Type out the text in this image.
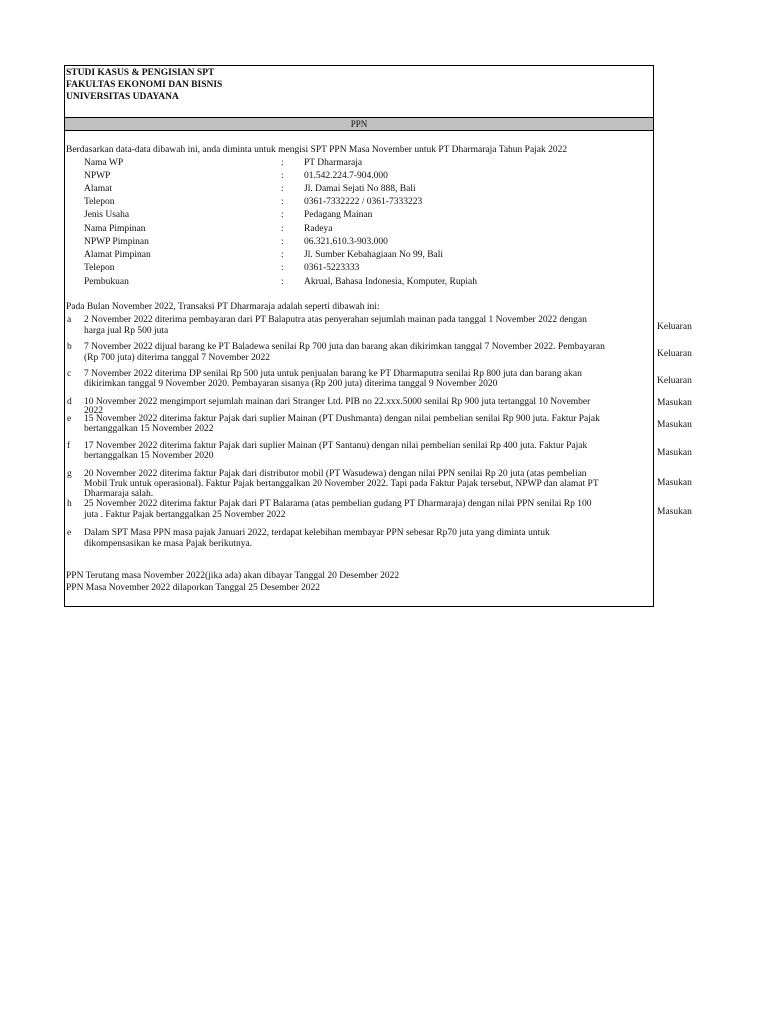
STUDI KASUS & PENGISIAN SPT
FAKULTAS EKONOMI DAN BISNIS
UNIVERSITAS UDAYANA
PPN
Berdasarkan data-data dibawah ini, anda diminta untuk mengisi SPT PPN Masa November untuk PT Dharmaraja Tahun Pajak 2022
Nama WP	: PT Dharmaraja
NPWP	: 01.542.224.7-904.000
Alamat	: Jl. Damai Sejati No 888, Bali
Telepon	: 0361-7332222 / 0361-7333223
Jenis Usaha	: Pedagang Mainan
Nama Pimpinan	: Radeya
NPWP Pimpinan	: 06.321.610.3-903.000
Alamat Pimpinan	: Jl. Sumber Kebahagiaan No 99, Bali
Telepon	: 0361-5223333
Pembukuan	: Akrual, Bahasa Indonesia, Komputer, Rupiah
Pada Bulan November 2022, Transaksi PT Dharmaraja adalah seperti dibawah ini:
a 2 November 2022 diterima pembayaran dari PT Balaputra atas penyerahan sejumlah mainan pada tanggal 1 November 2022 dengan
harga jual Rp 500 juta	Keluaran
b 7 November 2022 dijual barang ke PT Baladewa senilai Rp 700 juta dan barang akan dikirimkan tanggal 7 November 2022. Pembayaran
(Rp 700 juta) diterima tanggal 7 November 2022	Keluaran
c 7 November 2022 diterima DP senilai Rp 500 juta untuk penjualan barang ke PT Dharmaputra senilai Rp 800 juta dan barang akan
dikirimkan tanggal 9 November 2020. Pembayaran sisanya (Rp 200 juta) diterima tanggal 9 November 2020	Keluaran
d 10 November 2022 mengimport sejumlah mainan dari Stranger Ltd. PIB no 22.xxx.5000 senilai Rp 900 juta tertanggal 10 November
2022
Masukan
e 15 November 2022 diterima faktur Pajak dari suplier Mainan (PT Dushmanta) dengan nilai pembelian senilai Rp 900 juta. Faktur Pajak
bertanggalkan 15 November 2022	Masukan
f 17 November 2022 diterima faktur Pajak dari suplier Mainan (PT Santanu) dengan nilai pembelian senilai Rp 400 juta. Faktur Pajak
bertanggalkan 15 November 2020	Masukan
g 20 November 2022 diterima faktur Pajak dari distributor mobil (PT Wasudewa) dengan nilai PPN senilai Rp 20 juta (atas pembelian
Mobil Truk untuk operasional). Faktur Pajak bertanggalkan 20 November 2022. Tapi pada Faktur Pajak tersebut, NPWP dan alamat PT
Dharmaraja salah.
Masukan
h 25 November 2022 diterima faktur Pajak dari PT Balarama (atas pembelian gudang PT Dharmaraja) dengan nilai PPN senilai Rp 100
juta . Faktur Pajak bertanggalkan 25 November 2022	Masukan
e Dalam SPT Masa PPN masa pajak Januari 2022, terdapat kelebihan membayar PPN sebesar Rp70 juta yang diminta untuk
dikompensasikan ke masa Pajak berikutnya.
PPN Terutang masa November 2022(jika ada) akan dibayar Tanggal 20 Desember 2022
PPN Masa November 2022 dilaporkan Tanggal 25 Desember 2022
